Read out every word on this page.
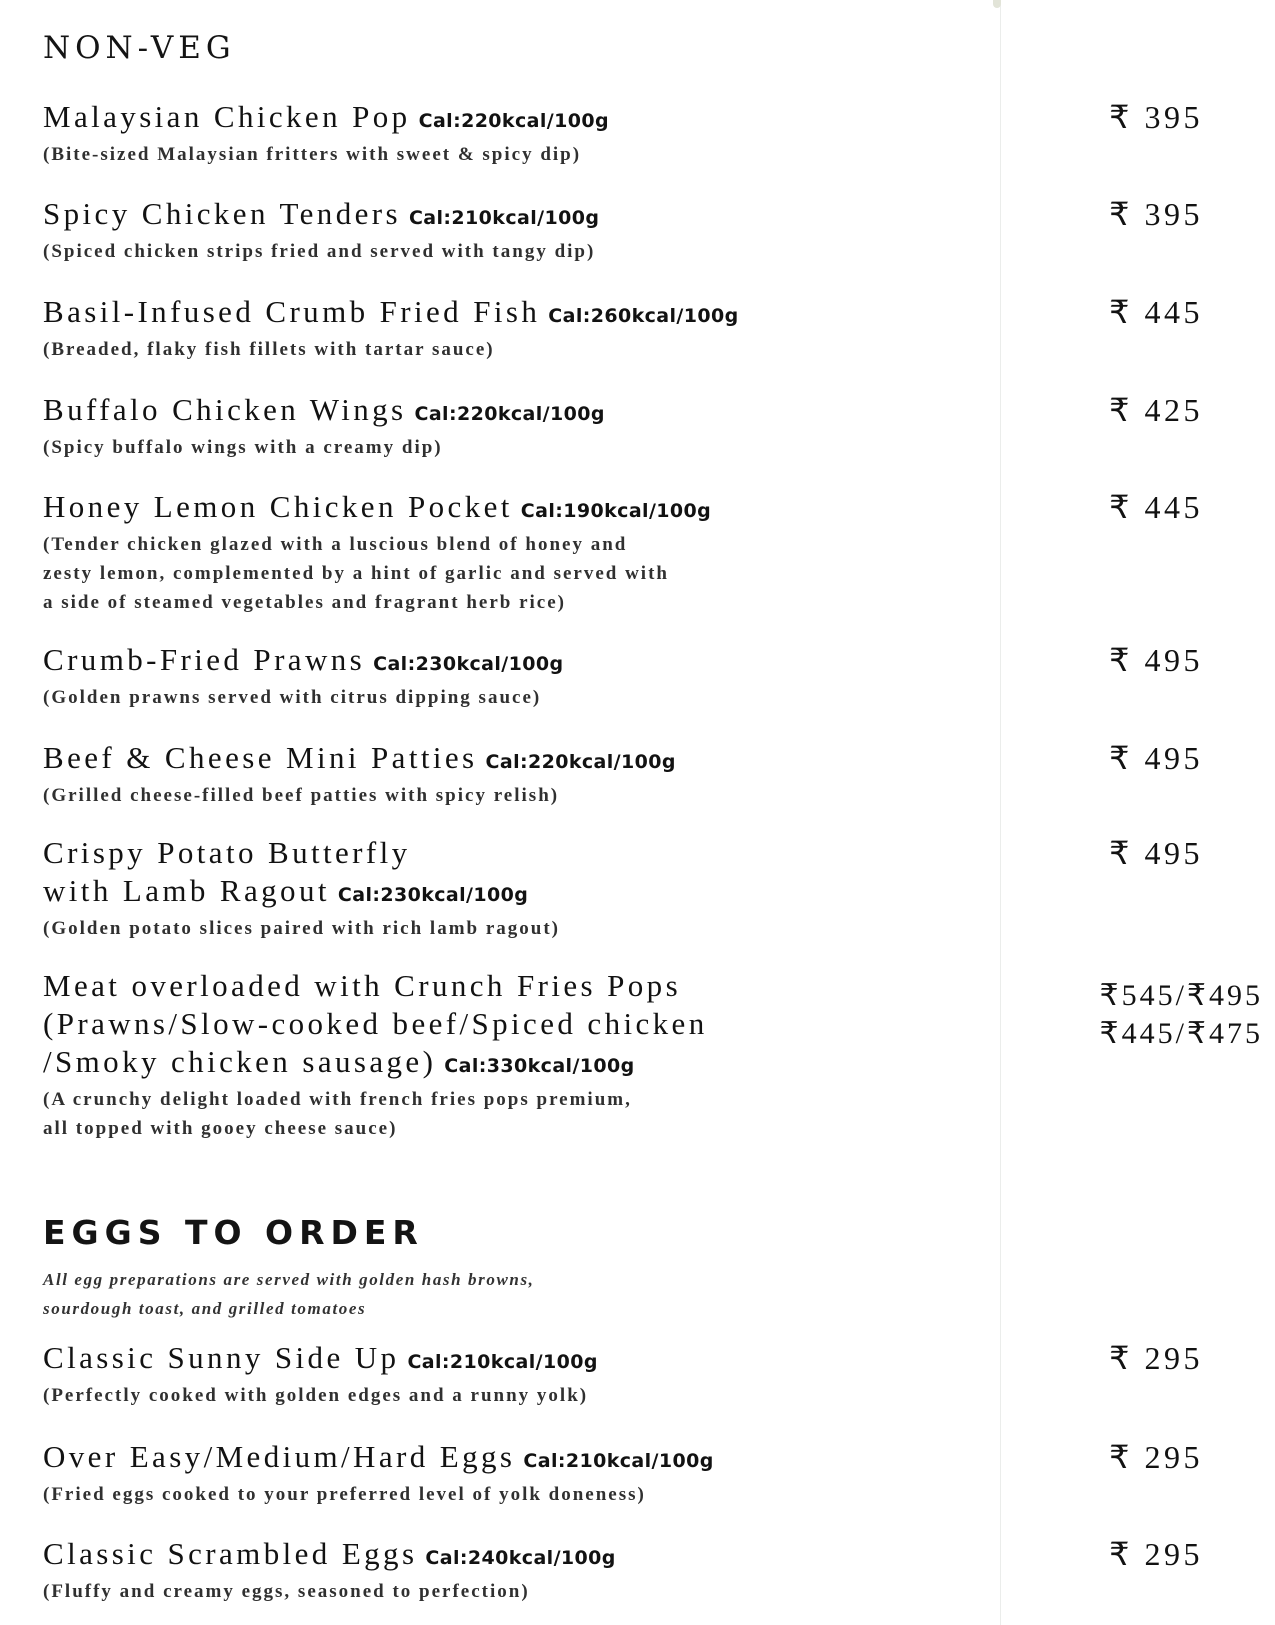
NON-VEG
Malaysian Chicken Pop Cal:220kcal/100g
(Bite-sized Malaysian fritters with sweet & spicy dip)
₹ 395
Spicy Chicken Tenders Cal:210kcal/100g
(Spiced chicken strips fried and served with tangy dip)
₹ 395
Basil-Infused Crumb Fried Fish Cal:260kcal/100g
(Breaded, flaky fish fillets with tartar sauce)
₹ 445
Buffalo Chicken Wings Cal:220kcal/100g
(Spicy buffalo wings with a creamy dip)
₹ 425
Honey Lemon Chicken Pocket Cal:190kcal/100g
(Tender chicken glazed with a luscious blend of honey and
zesty lemon, complemented by a hint of garlic and served with
a side of steamed vegetables and fragrant herb rice)
₹ 445
Crumb-Fried Prawns Cal:230kcal/100g
(Golden prawns served with citrus dipping sauce)
₹ 495
Beef & Cheese Mini Patties Cal:220kcal/100g
(Grilled cheese-filled beef patties with spicy relish)
₹ 495
Crispy Potato Butterfly
with Lamb Ragout Cal:230kcal/100g
(Golden potato slices paired with rich lamb ragout)
₹ 495
Meat overloaded with Crunch Fries Pops
(Prawns/Slow-cooked beef/Spiced chicken
/Smoky chicken sausage) Cal:330kcal/100g
(A crunchy delight loaded with french fries pops premium,
all topped with gooey cheese sauce)
₹545/₹495
₹445/₹475
EGGS TO ORDER

All egg preparations are served with golden hash browns,
sourdough toast, and grilled tomatoes

Classic Sunny Side Up Cal:210kcal/100g
(Perfectly cooked with golden edges and a runny yolk)
₹ 295
Over Easy/Medium/Hard Eggs Cal:210kcal/100g
(Fried eggs cooked to your preferred level of yolk doneness)
₹ 295
Classic Scrambled Eggs Cal:240kcal/100g
(Fluffy and creamy eggs, seasoned to perfection)
₹ 295
